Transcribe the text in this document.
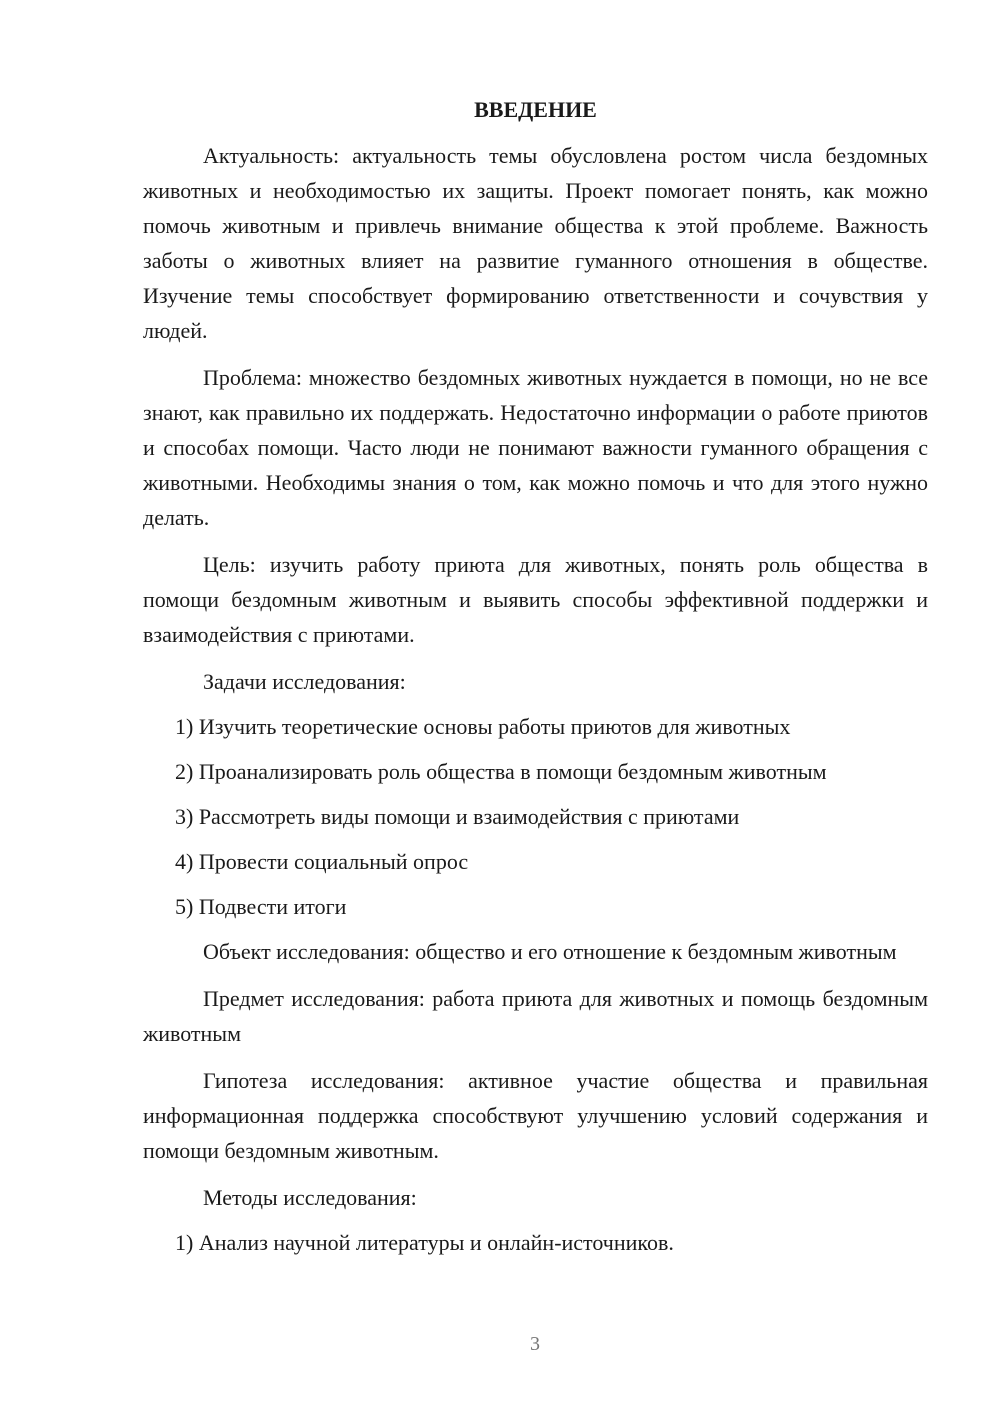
ВВЕДЕНИЕ

Актуальность: актуальность темы обусловлена ростом числа бездомных животных и необходимостью их защиты. Проект помогает понять, как можно помочь животным и привлечь внимание общества к этой проблеме. Важность заботы о животных влияет на развитие гуманного отношения в обществе. Изучение темы способствует формированию ответственности и сочувствия у людей.

Проблема: множество бездомных животных нуждается в помощи, но не все знают, как правильно их поддержать. Недостаточно информации о работе приютов и способах помощи. Часто люди не понимают важности гуманного обращения с животными. Необходимы знания о том, как можно помочь и что для этого нужно делать.

Цель: изучить работу приюта для животных, понять роль общества в помощи бездомным животным и выявить способы эффективной поддержки и взаимодействия с приютами.

Задачи исследования:

1) Изучить теоретические основы работы приютов для животных
2) Проанализировать роль общества в помощи бездомным животным
3) Рассмотреть виды помощи и взаимодействия с приютами
4) Провести социальный опрос
5) Подвести итоги

Объект исследования: общество и его отношение к бездомным животным

Предмет исследования: работа приюта для животных и помощь бездомным животным

Гипотеза исследования: активное участие общества и правильная информационная поддержка способствуют улучшению условий содержания и помощи бездомным животным.

Методы исследования:

1) Анализ научной литературы и онлайн-источников.
3
